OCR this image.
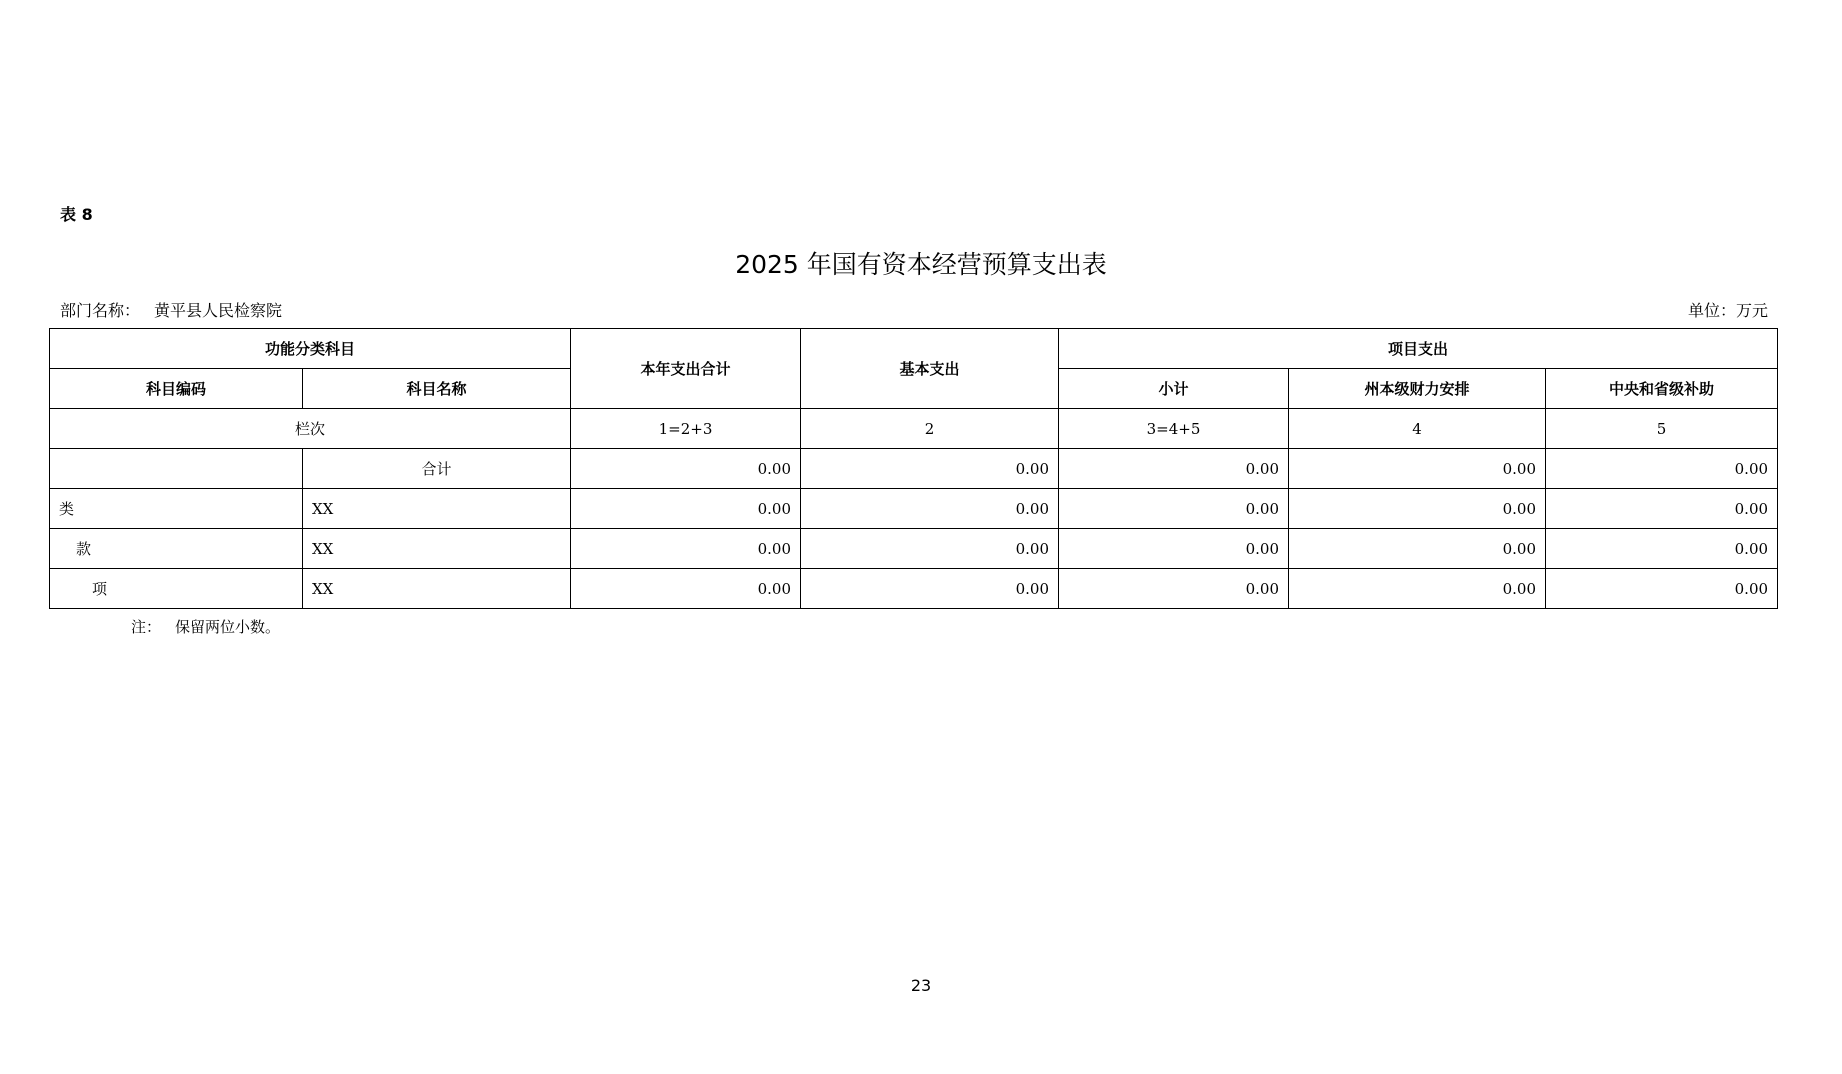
表 8
2025 年国有资本经营预算支出表
部门名称： 黄平县人民检察院	单位：万元
功能分类科目		本年支出合计	基本支出	项目支出		
科目编码	科目名称			小计	州本级财力安排	中央和省级补助
栏次		1=2+3	2	3=4+5	4	5
	合计	0.00	0.00	0.00	0.00	0.00
类	XX	0.00	0.00	0.00	0.00	0.00
款	XX	0.00	0.00	0.00	0.00	0.00
项	XX	0.00	0.00	0.00	0.00	0.00
注： 保留两位小数。
23
